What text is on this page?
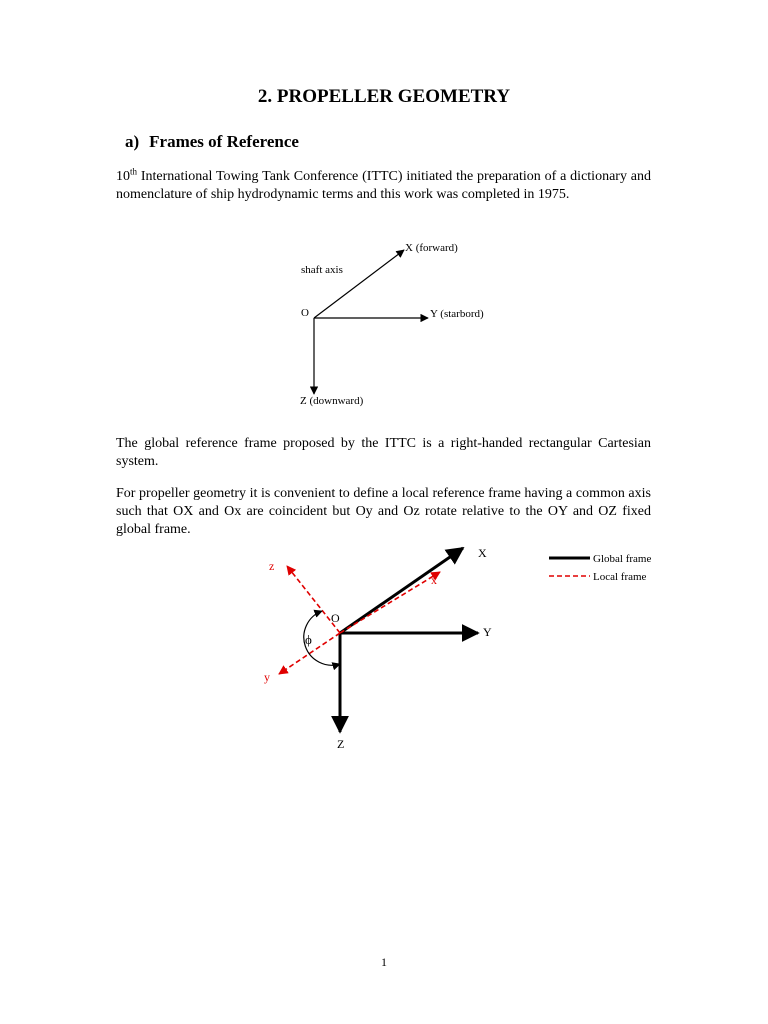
2. PROPELLER GEOMETRY
a) Frames of Reference

10th International Towing Tank Conference (ITTC) initiated the preparation of a dictionary and nomenclature of ship hydrodynamic terms and this work was completed in 1975.

X (forward)
shaft axis
O	Y (starbord)
Z (downward)

The global reference frame proposed by the ITTC is a right-handed rectangular Cartesian system.

For propeller geometry it is convenient to define a local reference frame having a common axis such that OX and Ox are coincident but Oy and Oz rotate relative to the OY and OZ fixed global frame.

X
x
z
O
Y
ϕ
y
Z
Global frame
Local frame
1
